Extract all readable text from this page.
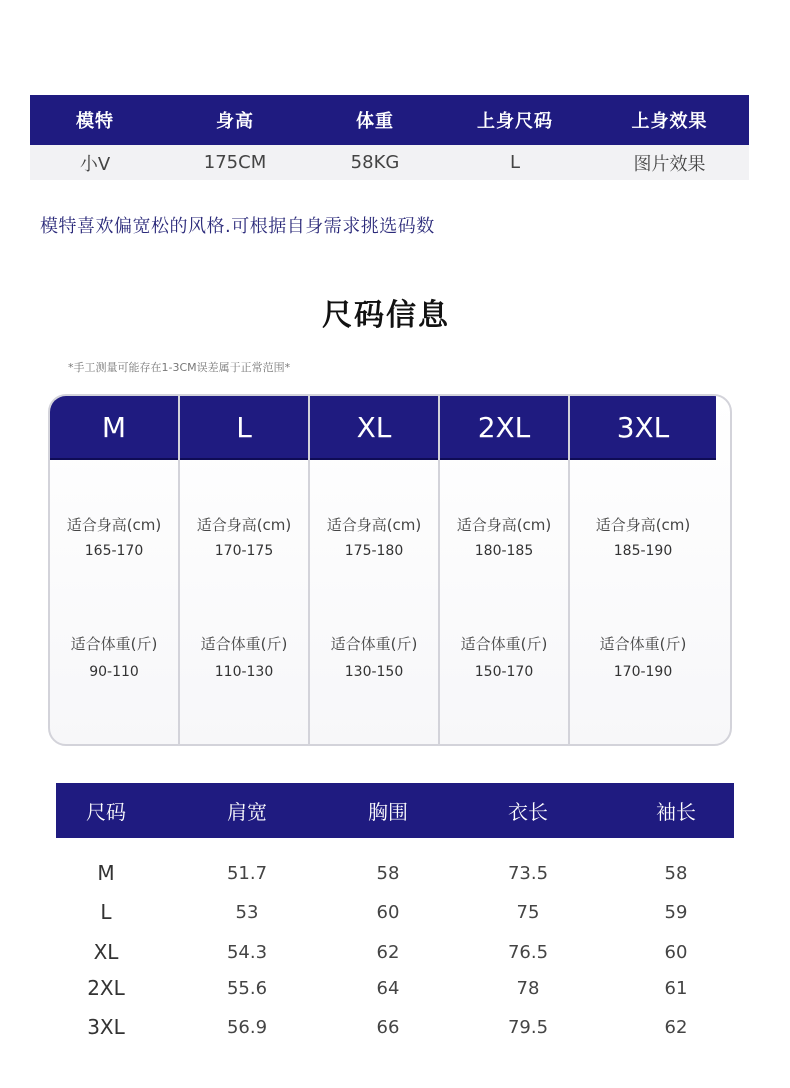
模特	身高	体重	上身尺码	上身效果
小V	175CM	58KG	L	图片效果
模特喜欢偏宽松的风格.可根据自身需求挑选码数
尺码信息
*手工测量可能存在1-3CM误差属于正常范围*
M
适合身高(cm)
165-170
适合体重(斤)
90-110
L
适合身高(cm)
170-175
适合体重(斤)
110-130
XL
适合身高(cm)
175-180
适合体重(斤)
130-150
2XL
适合身高(cm)
180-185
适合体重(斤)
150-170
3XL
适合身高(cm)
185-190
适合体重(斤)
170-190
尺码	肩宽	胸围	衣长	袖长
M	51.7	58	73.5	58
L	53	60	75	59
XL	54.3	62	76.5	60
2XL	55.6	64	78	61
3XL	56.9	66	79.5	62
